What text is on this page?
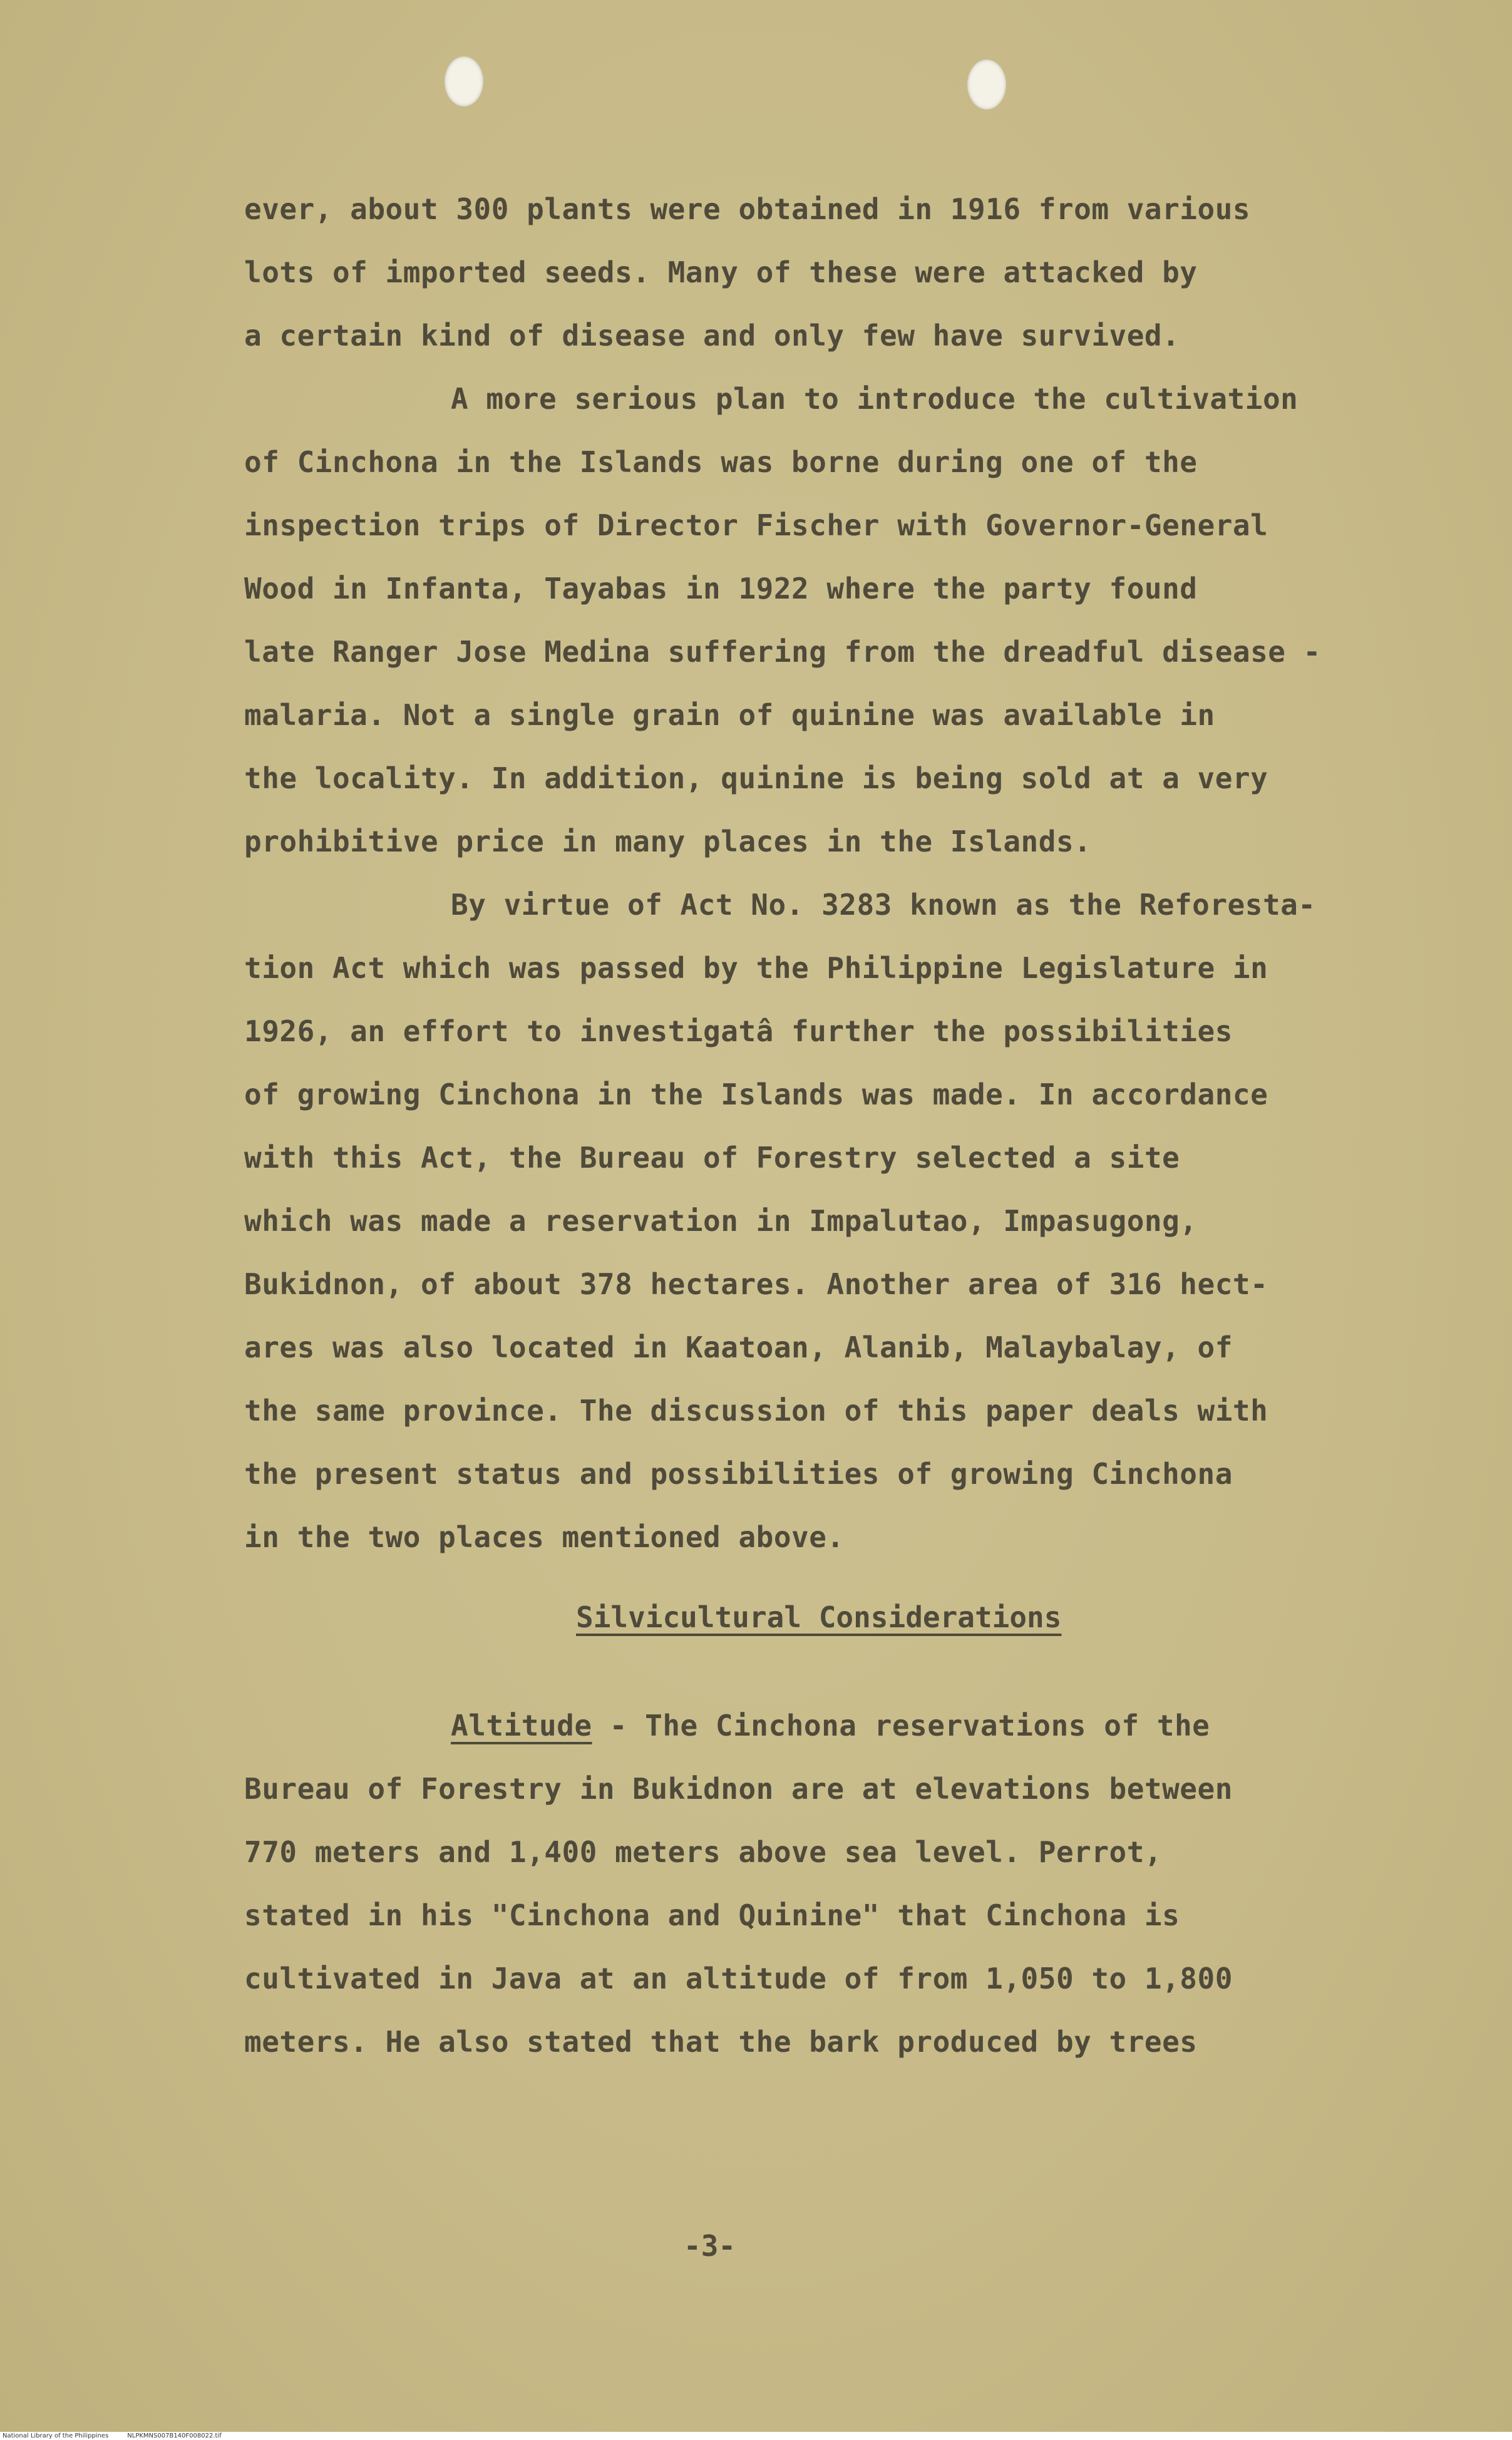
ever, about 300 plants were obtained in 1916 from various
lots of imported seeds. Many of these were attacked by
a certain kind of disease and only few have survived.
A more serious plan to introduce the cultivation
of Cinchona in the Islands was borne during one of the
inspection trips of Director Fischer with Governor-General
Wood in Infanta, Tayabas in 1922 where the party found
late Ranger Jose Medina suffering from the dreadful disease -
malaria. Not a single grain of quinine was available in
the locality. In addition, quinine is being sold at a very
prohibitive price in many places in the Islands.
By virtue of Act No. 3283 known as the Reforesta-
tion Act which was passed by the Philippine Legislature in
1926, an effort to investigatâ further the possibilities
of growing Cinchona in the Islands was made. In accordance
with this Act, the Bureau of Forestry selected a site
which was made a reservation in Impalutao, Impasugong,
Bukidnon, of about 378 hectares. Another area of 316 hect-
ares was also located in Kaatoan, Alanib, Malaybalay, of
the same province. The discussion of this paper deals with
the present status and possibilities of growing Cinchona
in the two places mentioned above.
Silvicultural Considerations
Altitude - The Cinchona reservations of the
Bureau of Forestry in Bukidnon are at elevations between
770 meters and 1,400 meters above sea level. Perrot,
stated in his "Cinchona and Quinine" that Cinchona is
cultivated in Java at an altitude of from 1,050 to 1,800
meters. He also stated that the bark produced by trees
-3-
National Library of the Philippines	NLPKMNS007B140F008022.tif
